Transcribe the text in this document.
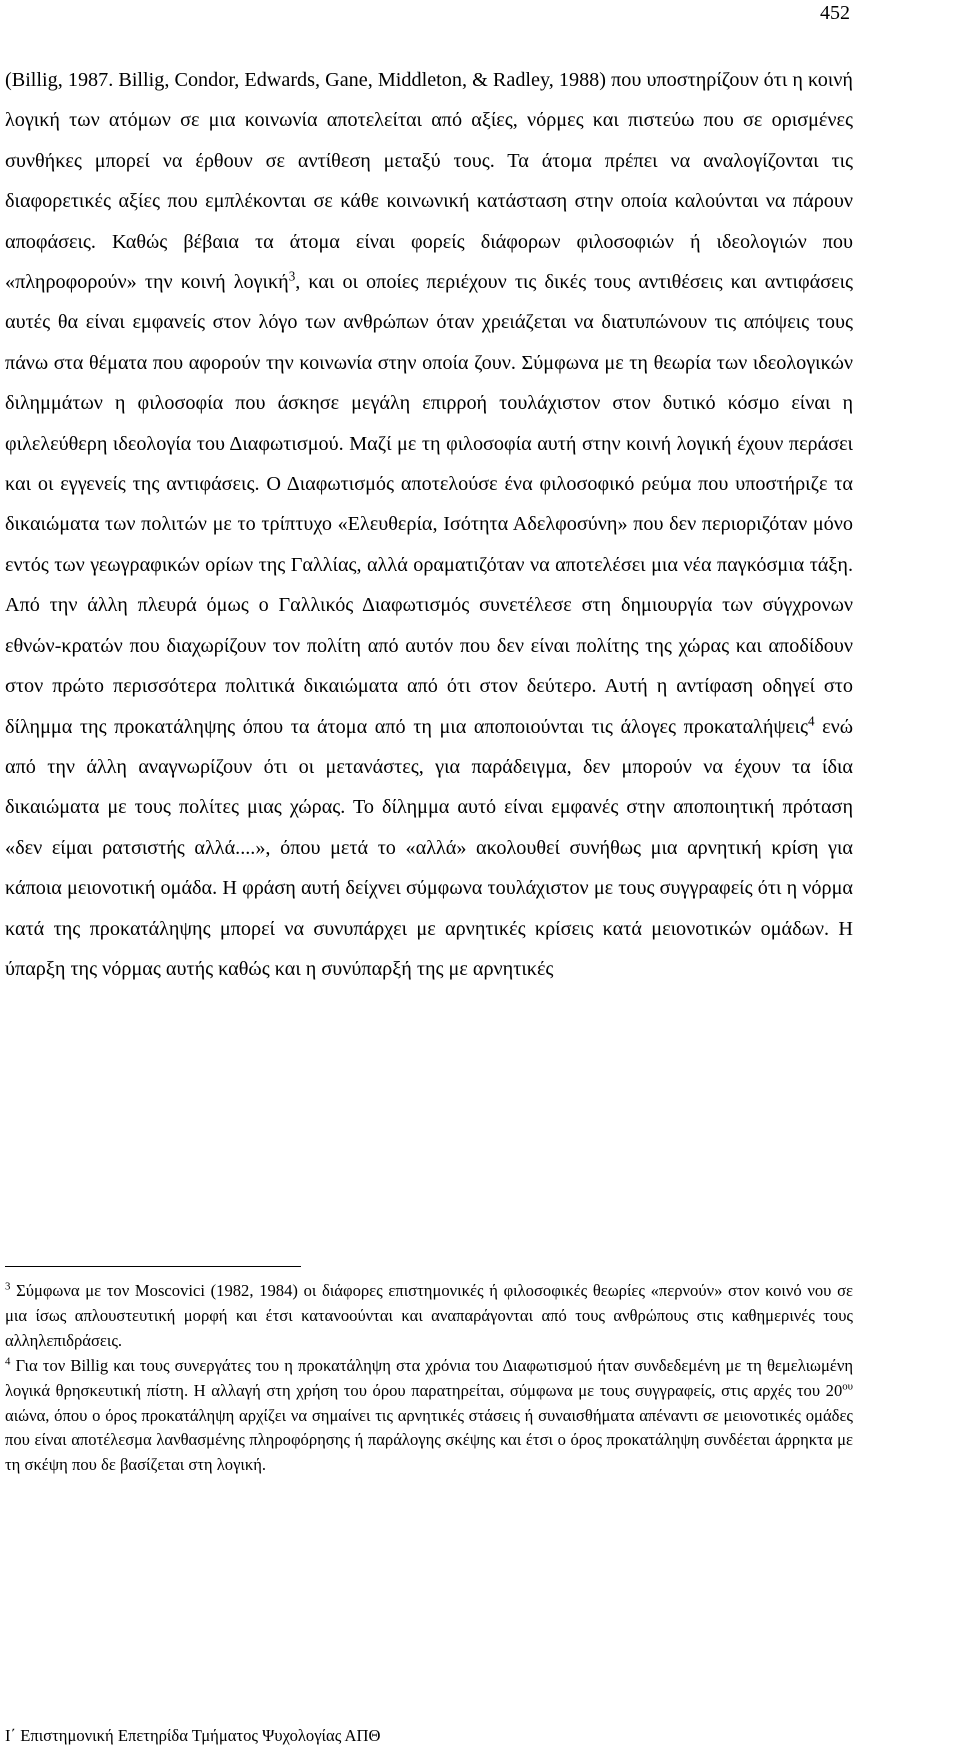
452

(Billig, 1987. Billig, Condor, Edwards, Gane, Middleton, & Radley, 1988) που υποστηρίζουν ότι η κοινή λογική των ατόμων σε μια κοινωνία αποτελείται από αξίες, νόρμες και πιστεύω που σε ορισμένες συνθήκες μπορεί να έρθουν σε αντίθεση μεταξύ τους. Τα άτομα πρέπει να αναλογίζονται τις διαφορετικές αξίες που εμπλέκονται σε κάθε κοινωνική κατάσταση στην οποία καλούνται να πάρουν αποφάσεις. Καθώς βέβαια τα άτομα είναι φορείς διάφορων φιλοσοφιών ή ιδεολογιών που «πληροφορούν» την κοινή λογική$^3$, και οι οποίες περιέχουν τις δικές τους αντιθέσεις και αντιφάσεις αυτές θα είναι εμφανείς στον λόγο των ανθρώπων όταν χρειάζεται να διατυπώνουν τις απόψεις τους πάνω στα θέματα που αφορούν την κοινωνία στην οποία ζουν. Σύμφωνα με τη θεωρία των ιδεολογικών διλημμάτων η φιλοσοφία που άσκησε μεγάλη επιρροή τουλάχιστον στον δυτικό κόσμο είναι η φιλελεύθερη ιδεολογία του Διαφωτισμού. Μαζί με τη φιλοσοφία αυτή στην κοινή λογική έχουν περάσει και οι εγγενείς της αντιφάσεις. Ο Διαφωτισμός αποτελούσε ένα φιλοσοφικό ρεύμα που υποστήριζε τα δικαιώματα των πολιτών με το τρίπτυχο «Ελευθερία, Ισότητα Αδελφοσύνη» που δεν περιοριζόταν μόνο εντός των γεωγραφικών ορίων της Γαλλίας, αλλά οραματιζόταν να αποτελέσει μια νέα παγκόσμια τάξη. Από την άλλη πλευρά όμως ο Γαλλικός Διαφωτισμός συνετέλεσε στη δημιουργία των σύγχρονων εθνών-κρατών που διαχωρίζουν τον πολίτη από αυτόν που δεν είναι πολίτης της χώρας και αποδίδουν στον πρώτο περισσότερα πολιτικά δικαιώματα από ότι στον δεύτερο. Αυτή η αντίφαση οδηγεί στο δίλημμα της προκατάληψης όπου τα άτομα από τη μια αποποιούνται τις άλογες προκαταλήψεις$^4$ ενώ από την άλλη αναγνωρίζουν ότι οι μετανάστες, για παράδειγμα, δεν μπορούν να έχουν τα ίδια δικαιώματα με τους πολίτες μιας χώρας. Το δίλημμα αυτό είναι εμφανές στην αποποιητική πρόταση «δεν είμαι ρατσιστής αλλά....», όπου μετά το «αλλά» ακολουθεί συνήθως μια αρνητική κρίση για κάποια μειονοτική ομάδα. Η φράση αυτή δείχνει σύμφωνα τουλάχιστον με τους συγγραφείς ότι η νόρμα κατά της προκατάληψης μπορεί να συνυπάρχει με αρνητικές κρίσεις κατά μειονοτικών ομάδων. Η ύπαρξη της νόρμας αυτής καθώς και η συνύπαρξή της με αρνητικές

$^3$ Σύμφωνα με τον Moscovici (1982, 1984) οι διάφορες επιστημονικές ή φιλοσοφικές θεωρίες «περνούν» στον κοινό νου σε μια ίσως απλουστευτική μορφή και έτσι κατανοούνται και αναπαράγονται από τους ανθρώπους στις καθημερινές τους αλληλεπιδράσεις.

$^4$ Για τον Billig και τους συνεργάτες του η προκατάληψη στα χρόνια του Διαφωτισμού ήταν συνδεδεμένη με τη θεμελιωμένη λογικά θρησκευτική πίστη. Η αλλαγή στη χρήση του όρου παρατηρείται, σύμφωνα με τους συγγραφείς, στις αρχές του $20^{o\upsilon}$ αιώνα, όπου ο όρος προκατάληψη αρχίζει να σημαίνει τις αρνητικές στάσεις ή συναισθήματα απέναντι σε μειονοτικές ομάδες που είναι αποτέλεσμα λανθασμένης πληροφόρησης ή παράλογης σκέψης και έτσι ο όρος προκατάληψη συνδέεται άρρηκτα με τη σκέψη που δε βασίζεται στη λογική.

Ι΄ Επιστημονική Επετηρίδα Τμήματος Ψυχολογίας ΑΠΘ
